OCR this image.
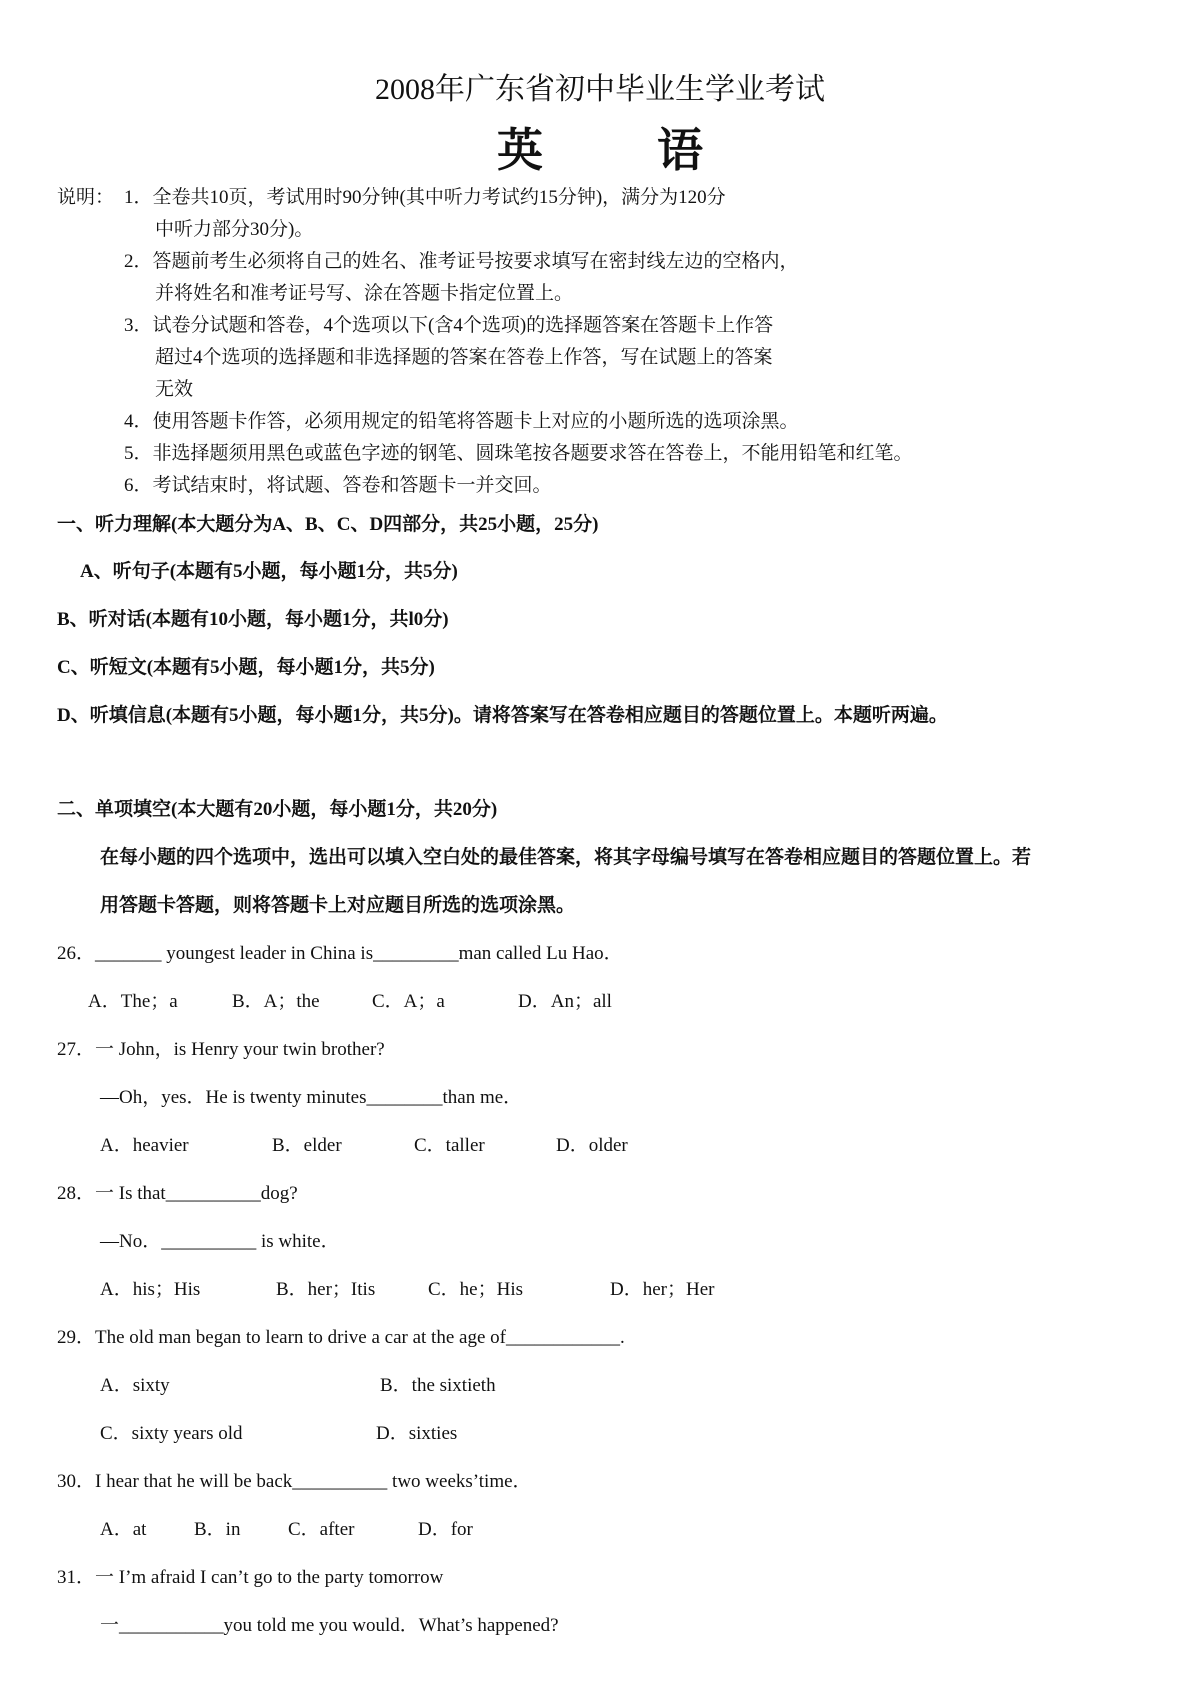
2008年广东省初中毕业生学业考试
英　语
说明： 1．全卷共10页，考试用时90分钟(其中听力考试约15分钟)，满分为120分
中听力部分30分)。
2．答题前考生必须将自己的姓名、准考证号按要求填写在密封线左边的空格内，
并将姓名和准考证号写、涂在答题卡指定位置上。
3．试卷分试题和答卷，4个选项以下(含4个选项)的选择题答案在答题卡上作答
超过4个选项的选择题和非选择题的答案在答卷上作答，写在试题上的答案
无效
4．使用答题卡作答，必须用规定的铅笔将答题卡上对应的小题所选的选项涂黑。
5．非选择题须用黑色或蓝色字迹的钢笔、圆珠笔按各题要求答在答卷上，不能用铅笔和红笔。
6．考试结束时，将试题、答卷和答题卡一并交回。
一、听力理解(本大题分为A、B、C、D四部分，共25小题，25分)
A、听句子(本题有5小题，每小题1分，共5分)
B、听对话(本题有10小题，每小题1分，共l0分)
C、听短文(本题有5小题，每小题1分，共5分)
D、听填信息(本题有5小题，每小题1分，共5分)。请将答案写在答卷相应题目的答题位置上。本题听两遍。
二、单项填空(本大题有20小题，每小题1分，共20分)
在每小题的四个选项中，选出可以填入空白处的最佳答案，将其字母编号填写在答卷相应题目的答题位置上。若
用答题卡答题，则将答题卡上对应题目所选的选项涂黑。
26．_______ youngest leader in China is_________man called Lu Hao．
A．The；a	B．A；the	C．A；a	D．An；all
27．一 John，is Henry your twin brother?
—Oh，yes．He is twenty minutes________than me．
A．heavier	B．elder	C．taller	D．older
28．一 Is that__________dog?
—No．__________ is white．
A．his；His	B．her；Itis	C．he；His	D．her；Her
29．The old man began to learn to drive a car at the age of____________.
A．sixty	B．the sixtieth
C．sixty years old	D．sixties
30．I hear that he will be back__________ two weeks’time．
A．at	B．in	C．after	D．for
31．一 I’m afraid I can’t go to the party tomorrow
一___________you told me you would．What’s happened?
